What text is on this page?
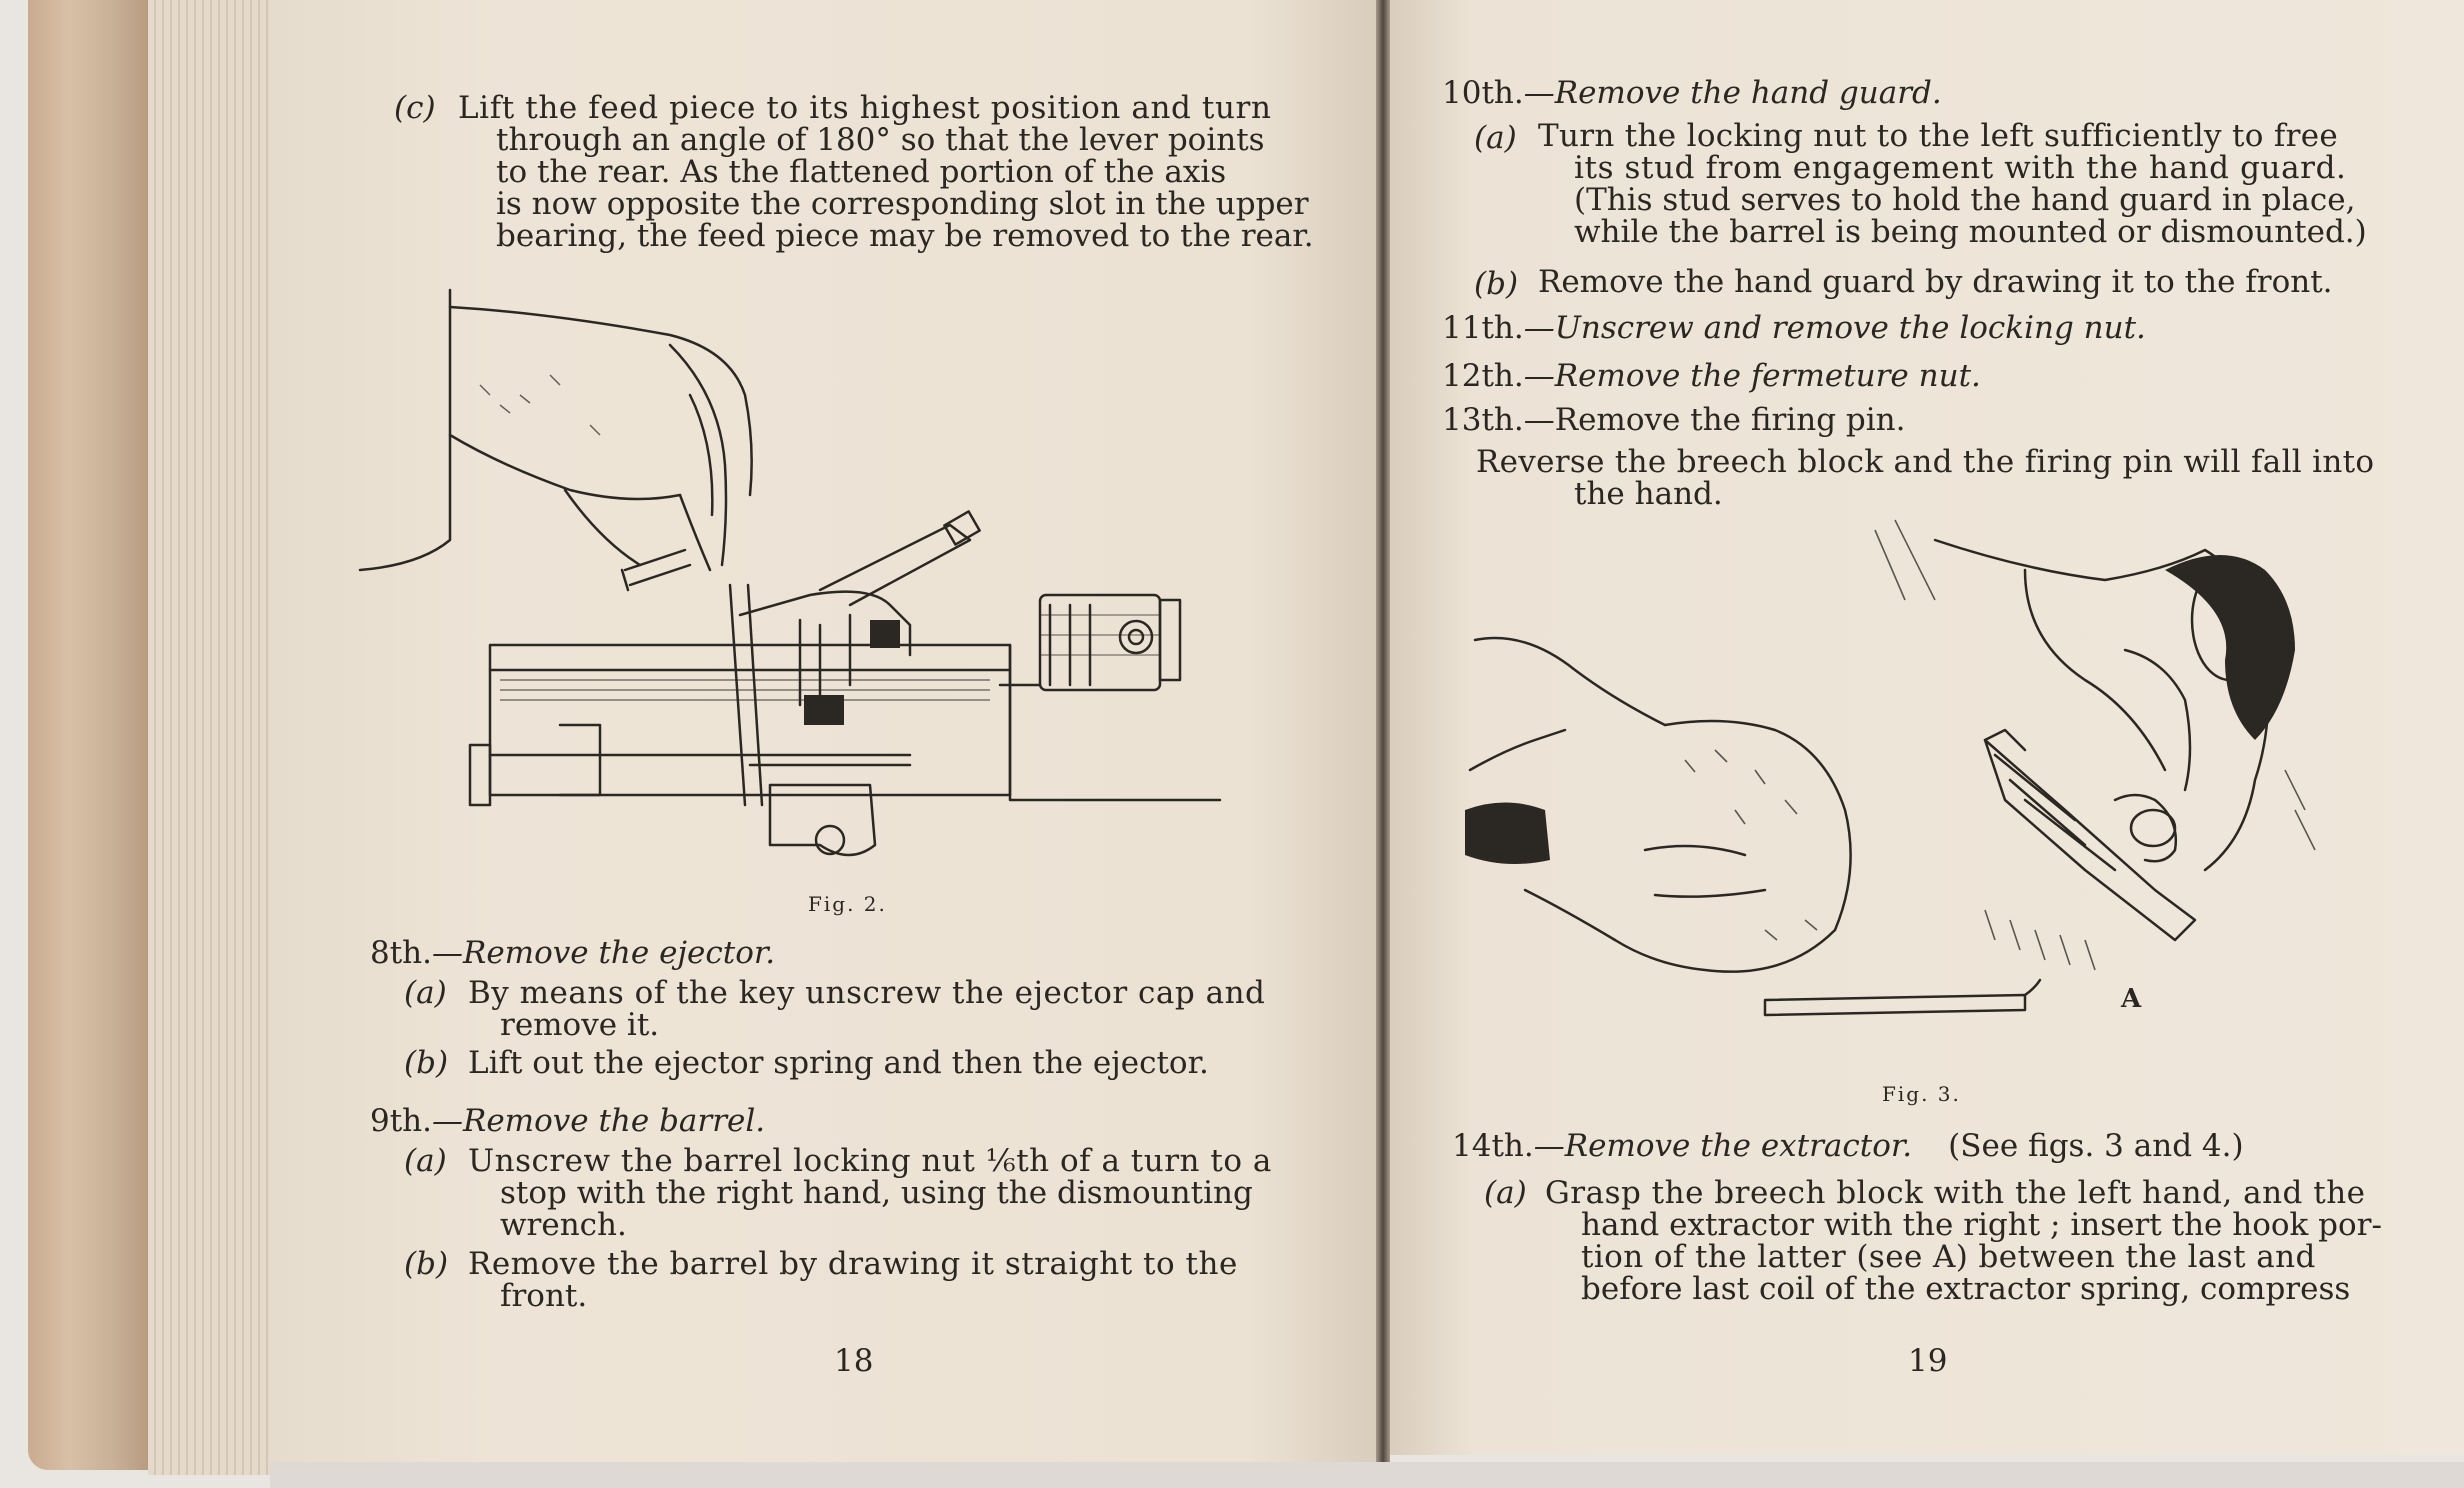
(c) Lift the feed piece to its highest position and turn
through an angle of 180° so that the lever points
to the rear. As the flattened portion of the axis
is now opposite the corresponding slot in the upper
bearing, the feed piece may be removed to the rear.
Fig. 2.
8th.—Remove the ejector.
(a) By means of the key unscrew the ejector cap and
remove it.
(b) Lift out the ejector spring and then the ejector.
9th.—Remove the barrel.
(a) Unscrew the barrel locking nut ⅙th of a turn to a
stop with the right hand, using the dismounting
wrench.
(b) Remove the barrel by drawing it straight to the
front.
18
10th.—Remove the hand guard.
(a) Turn the locking nut to the left sufficiently to free
its stud from engagement with the hand guard.
(This stud serves to hold the hand guard in place,
while the barrel is being mounted or dismounted.)
(b) Remove the hand guard by drawing it to the front.
11th.—Unscrew and remove the locking nut.
12th.—Remove the fermeture nut.
13th.—Remove the firing pin.
Reverse the breech block and the firing pin will fall into
the hand.
A
Fig. 3.
14th.—Remove the extractor. (See figs. 3 and 4.)
(a) Grasp the breech block with the left hand, and the
hand extractor with the right ; insert the hook por-
tion of the latter (see A) between the last and
before last coil of the extractor spring, compress
19
